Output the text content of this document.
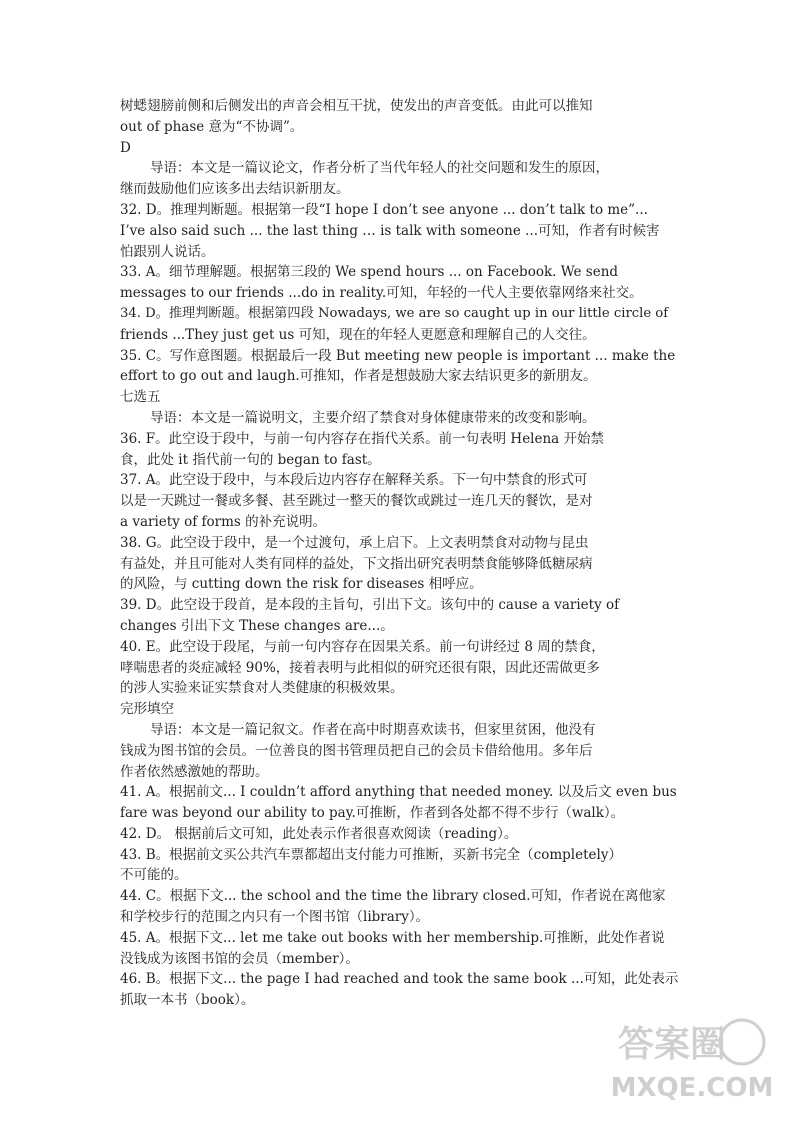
树蟋翅膀前侧和后侧发出的声音会相互干扰，使发出的声音变低。由此可以推知
out of phase 意为“不协调”。
D
导语：本文是一篇议论文，作者分析了当代年轻人的社交问题和发生的原因，
继而鼓励他们应该多出去结识新朋友。
32. D。推理判断题。根据第一段“I hope I don’t see anyone ... don’t talk to me”...
I’ve also said such ... the last thing … is talk with someone ...可知，作者有时候害
怕跟别人说话。
33. A。细节理解题。根据第三段的 We spend hours ... on Facebook. We send
messages to our friends ...do in reality.可知，年轻的一代人主要依靠网络来社交。
34. D。推理判断题。根据第四段 Nowadays, we are so caught up in our little circle of
friends ...They just get us 可知，现在的年轻人更愿意和理解自己的人交往。
35. C。写作意图题。根据最后一段 But meeting new people is important ... make the
effort to go out and laugh.可推知，作者是想鼓励大家去结识更多的新朋友。
七选五
导语：本文是一篇说明文，主要介绍了禁食对身体健康带来的改变和影响。
36. F。此空设于段中，与前一句内容存在指代关系。前一句表明 Helena 开始禁
食，此处 it 指代前一句的 began to fast。
37. A。此空设于段中，与本段后边内容存在解释关系。下一句中禁食的形式可
以是一天跳过一餐或多餐、甚至跳过一整天的餐饮或跳过一连几天的餐饮，是对
a variety of forms 的补充说明。
38. G。此空设于段中，是一个过渡句，承上启下。上文表明禁食对动物与昆虫
有益处，并且可能对人类有同样的益处，下文指出研究表明禁食能够降低糖尿病
的风险，与 cutting down the risk for diseases 相呼应。
39. D。此空设于段首，是本段的主旨句，引出下文。该句中的 cause a variety of
changes 引出下文 These changes are...。
40. E。此空设于段尾，与前一句内容存在因果关系。前一句讲经过 8 周的禁食，
哮喘患者的炎症减轻 90%，接着表明与此相似的研究还很有限，因此还需做更多
的涉人实验来证实禁食对人类健康的积极效果。
完形填空
导语：本文是一篇记叙文。作者在高中时期喜欢读书，但家里贫困，他没有
钱成为图书馆的会员。一位善良的图书管理员把自己的会员卡借给他用。多年后
作者依然感激她的帮助。
41. A。根据前文... I couldn’t afford anything that needed money. 以及后文 even bus
fare was beyond our ability to pay.可推断，作者到各处都不得不步行（walk）。
42. D。 根据前后文可知，此处表示作者很喜欢阅读（reading）。
43. B。根据前文买公共汽车票都超出支付能力可推断，买新书完全（completely）
不可能的。
44. C。根据下文... the school and the time the library closed.可知，作者说在离他家
和学校步行的范围之内只有一个图书馆（library）。
45. A。根据下文... let me take out books with her membership.可推断，此处作者说
没钱成为该图书馆的会员（member）。
46. B。根据下文... the page I had reached and took the same book ...可知，此处表示
抓取一本书（book）。
答案圈
MXQE.COM
